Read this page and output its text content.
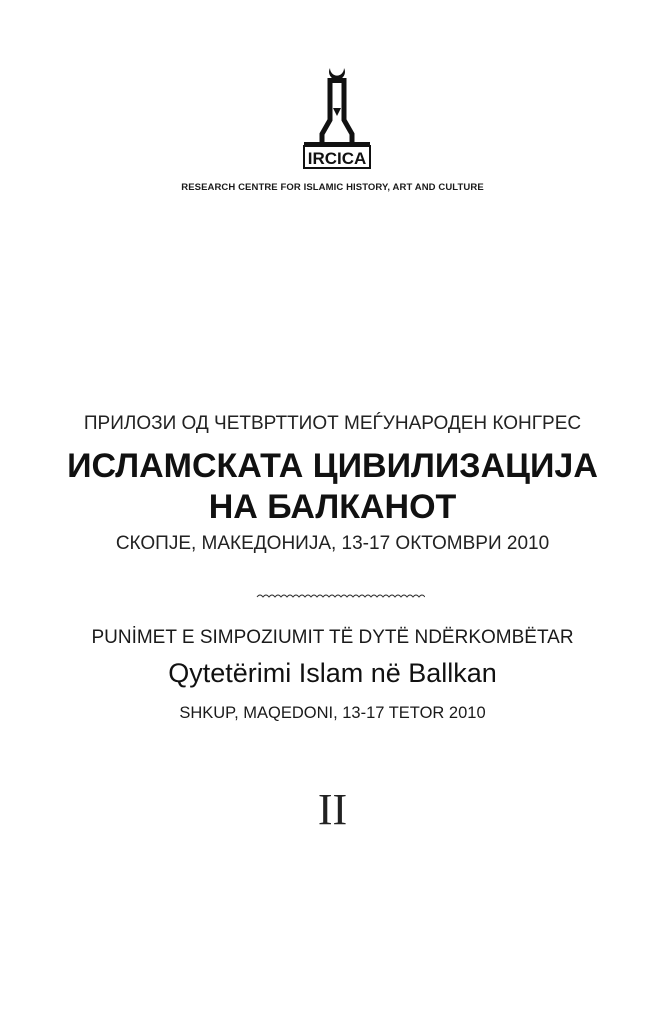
IRCICA
RESEARCH CENTRE FOR ISLAMIC HISTORY, ART AND CULTURE
ПРИЛОЗИ ОД ЧЕТВРТТИОТ МЕЃУНАРОДЕН КОНГРЕС
ИСЛАМСКАТА ЦИВИЛИЗАЦИЈА
НА БАЛКАНОТ
СКОПЈЕ, МАКЕДОНИЈА, 13-17 ОКТОМВРИ 2010
PUNİMET E SIMPOZIUMIT TË DYTË NDËRKOMBËTAR
Qytetërimi Islam në Ballkan
SHKUP, MAQEDONI, 13-17 TETOR 2010
II
